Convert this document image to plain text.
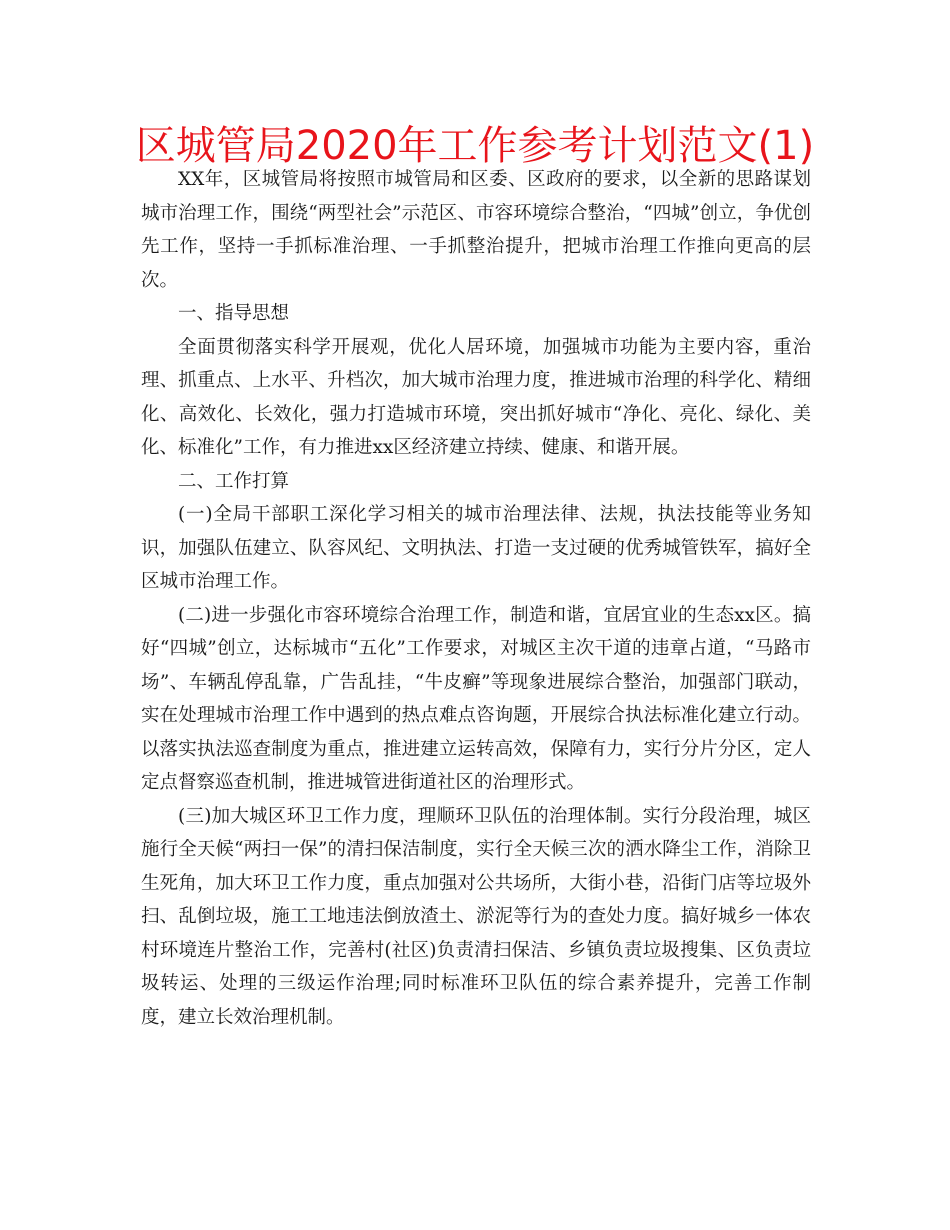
区城管局2020年工作参考计划范文(1)

XX年，区城管局将按照市城管局和区委、区政府的要求，以全新的思路谋划城市治理工作，围绕“两型社会”示范区、市容环境综合整治，“四城”创立，争优创先工作，坚持一手抓标准治理、一手抓整治提升，把城市治理工作推向更高的层次。

一、指导思想

全面贯彻落实科学开展观，优化人居环境，加强城市功能为主要内容，重治理、抓重点、上水平、升档次，加大城市治理力度，推进城市治理的科学化、精细化、高效化、长效化，强力打造城市环境，突出抓好城市“净化、亮化、绿化、美化、标准化”工作，有力推进xx区经济建立持续、健康、和谐开展。

二、工作打算

(一)全局干部职工深化学习相关的城市治理法律、法规，执法技能等业务知识，加强队伍建立、队容风纪、文明执法、打造一支过硬的优秀城管铁军，搞好全区城市治理工作。

(二)进一步强化市容环境综合治理工作，制造和谐，宜居宜业的生态xx区。搞好“四城”创立，达标城市“五化”工作要求，对城区主次干道的违章占道，“马路市场”、车辆乱停乱靠，广告乱挂，“牛皮癣”等现象进展综合整治，加强部门联动，实在处理城市治理工作中遇到的热点难点咨询题，开展综合执法标准化建立行动。以落实执法巡查制度为重点，推进建立运转高效，保障有力，实行分片分区，定人定点督察巡查机制，推进城管进街道社区的治理形式。

(三)加大城区环卫工作力度，理顺环卫队伍的治理体制。实行分段治理，城区施行全天候“两扫一保”的清扫保洁制度，实行全天候三次的洒水降尘工作，消除卫生死角，加大环卫工作力度，重点加强对公共场所，大街小巷，沿街门店等垃圾外扫、乱倒垃圾，施工工地违法倒放渣土、淤泥等行为的查处力度。搞好城乡一体农村环境连片整治工作，完善村(社区)负责清扫保洁、乡镇负责垃圾搜集、区负责垃圾转运、处理的三级运作治理;同时标准环卫队伍的综合素养提升，完善工作制度，建立长效治理机制。
